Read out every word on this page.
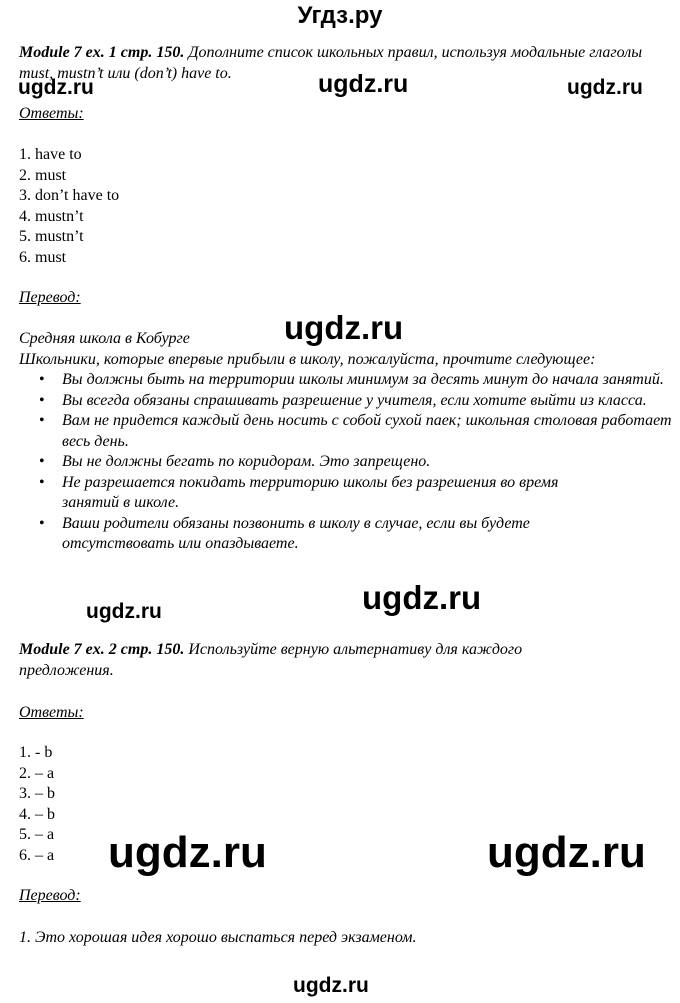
Угдз.ру
Module 7 ex. 1 стр. 150. Дополните список школьных правил, используя модальные глаголы must, mustn’t или (don’t) have to.
Ответы:
1. have to
2. must
3. don’t have to
4. mustn’t
5. mustn’t
6. must
Перевод:
Средняя школа в Кобурге
Школьники, которые впервые прибыли в школу, пожалуйста, прочтите следующее:
• Вы должны быть на территории школы минимум за десять минут до начала занятий.
• Вы всегда обязаны спрашивать разрешение у учителя, если хотите выйти из класса.
• Вам не придется каждый день носить с собой сухой паек; школьная столовая работает весь день.
• Вы не должны бегать по коридорам. Это запрещено.
• Не разрешается покидать территорию школы без разрешения во время занятий в школе.
• Ваши родители обязаны позвонить в школу в случае, если вы будете отсутствовать или опаздываете.
Module 7 ex. 2 стр. 150. Используйте верную альтернативу для каждого предложения.
Ответы:
1. - b
2. – a
3. – b
4. – b
5. – a
6. – a
Перевод:
1. Это хорошая идея хорошо выспаться перед экзаменом.
ugdz.ru	ugdz.ru	ugdz.ru
ugdz.ru
ugdz.ru
ugdz.ru
ugdz.ru	ugdz.ru
ugdz.ru
